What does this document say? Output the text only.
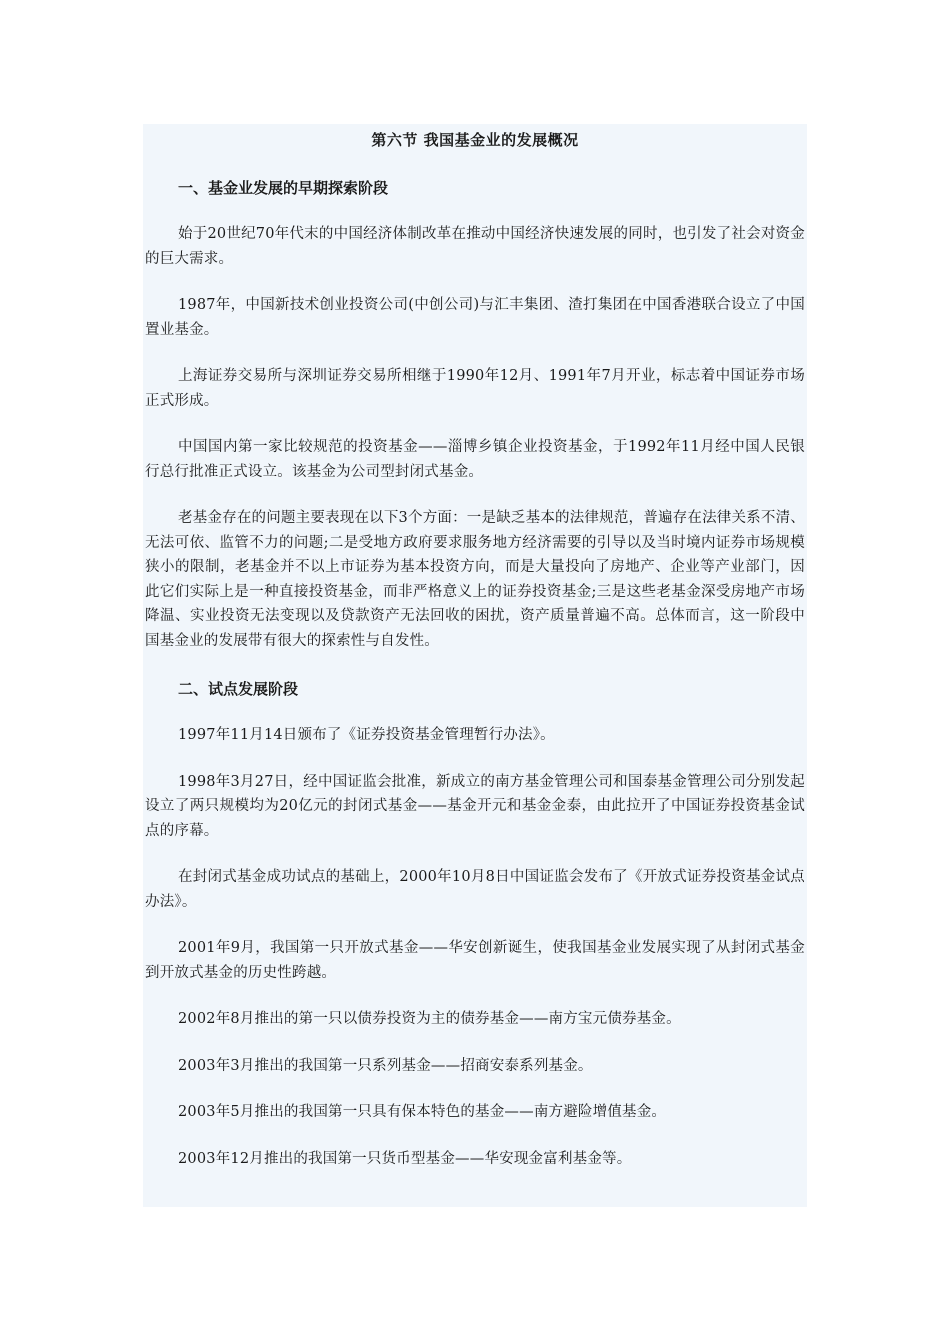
第六节 我国基金业的发展概况
一、基金业发展的早期探索阶段

始于20世纪70年代末的中国经济体制改革在推动中国经济快速发展的同时，也引发了社会对资金的巨大需求。

1987年，中国新技术创业投资公司(中创公司)与汇丰集团、渣打集团在中国香港联合设立了中国置业基金。

上海证券交易所与深圳证券交易所相继于1990年12月、1991年7月开业，标志着中国证券市场正式形成。

中国国内第一家比较规范的投资基金——淄博乡镇企业投资基金，于1992年11月经中国人民银行总行批准正式设立。该基金为公司型封闭式基金。

老基金存在的问题主要表现在以下3个方面：一是缺乏基本的法律规范，普遍存在法律关系不清、无法可依、监管不力的问题;二是受地方政府要求服务地方经济需要的引导以及当时境内证券市场规模狭小的限制，老基金并不以上市证券为基本投资方向，而是大量投向了房地产、企业等产业部门，因此它们实际上是一种直接投资基金，而非严格意义上的证券投资基金;三是这些老基金深受房地产市场降温、实业投资无法变现以及贷款资产无法回收的困扰，资产质量普遍不高。总体而言，这一阶段中国基金业的发展带有很大的探索性与自发性。

二、试点发展阶段

1997年11月14日颁布了《证券投资基金管理暂行办法》。

1998年3月27日，经中国证监会批准，新成立的南方基金管理公司和国泰基金管理公司分别发起设立了两只规模均为20亿元的封闭式基金——基金开元和基金金泰，由此拉开了中国证券投资基金试点的序幕。

在封闭式基金成功试点的基础上，2000年10月8日中国证监会发布了《开放式证券投资基金试点办法》。

2001年9月，我国第一只开放式基金——华安创新诞生，使我国基金业发展实现了从封闭式基金到开放式基金的历史性跨越。

2002年8月推出的第一只以债券投资为主的债券基金——南方宝元债券基金。

2003年3月推出的我国第一只系列基金——招商安泰系列基金。

2003年5月推出的我国第一只具有保本特色的基金——南方避险增值基金。

2003年12月推出的我国第一只货币型基金——华安现金富利基金等。
